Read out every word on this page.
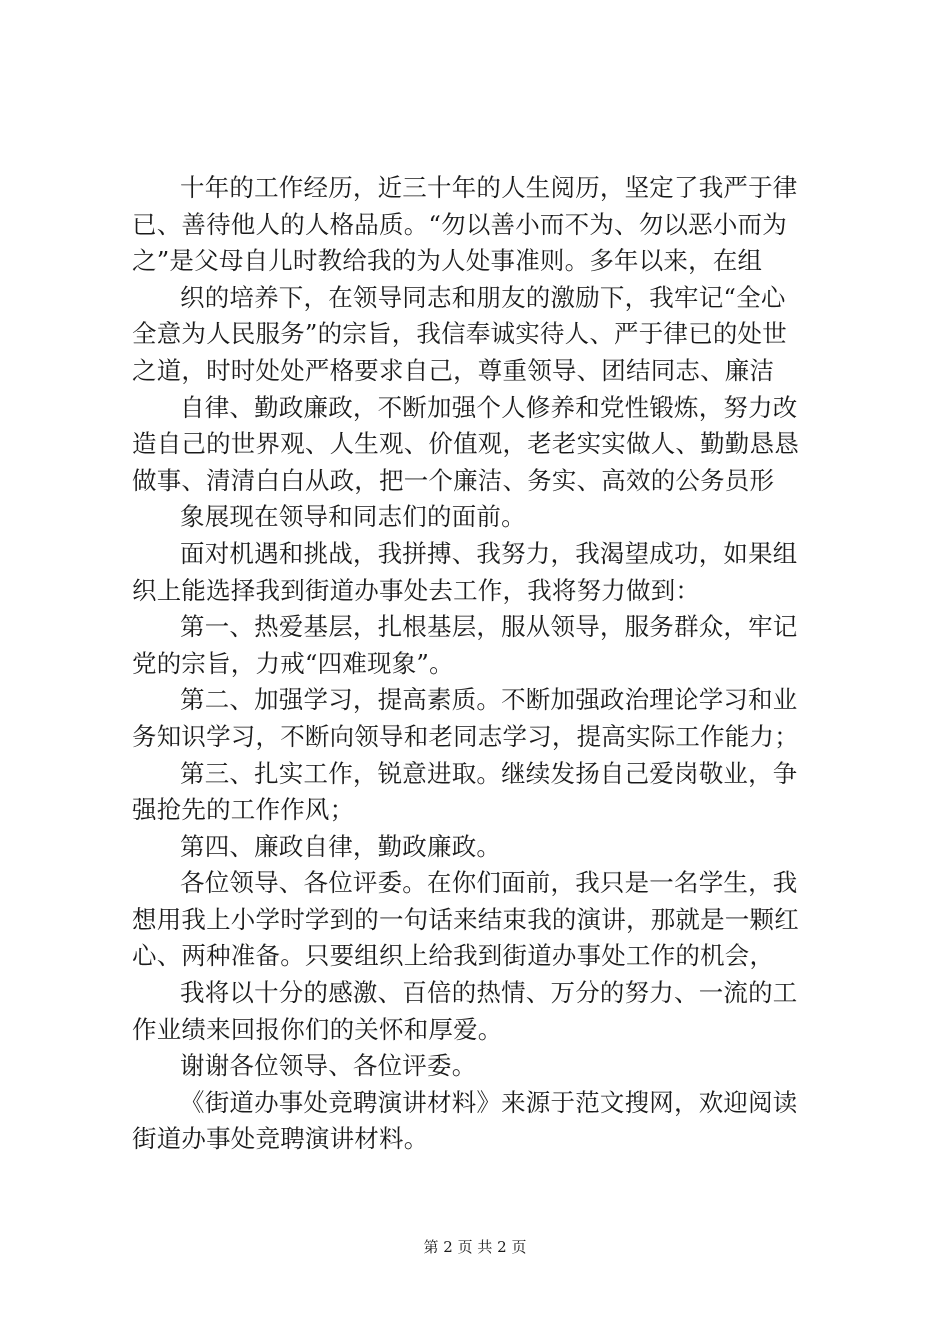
十年的工作经历，近三十年的人生阅历，坚定了我严于律
已、善待他人的人格品质。“勿以善小而不为、勿以恶小而为
之”是父母自儿时教给我的为人处事准则。多年以来，在组
织的培养下，在领导同志和朋友的激励下，我牢记“全心
全意为人民服务”的宗旨，我信奉诚实待人、严于律已的处世
之道，时时处处严格要求自己，尊重领导、团结同志、廉洁
自律、勤政廉政，不断加强个人修养和党性锻炼，努力改
造自己的世界观、人生观、价值观，老老实实做人、勤勤恳恳
做事、清清白白从政，把一个廉洁、务实、高效的公务员形
象展现在领导和同志们的面前。
面对机遇和挑战，我拼搏、我努力，我渴望成功，如果组
织上能选择我到街道办事处去工作，我将努力做到：
第一、热爱基层，扎根基层，服从领导，服务群众，牢记
党的宗旨，力戒“四难现象”。
第二、加强学习，提高素质。不断加强政治理论学习和业
务知识学习，不断向领导和老同志学习，提高实际工作能力；
第三、扎实工作，锐意进取。继续发扬自己爱岗敬业，争
强抢先的工作作风；
第四、廉政自律，勤政廉政。
各位领导、各位评委。在你们面前，我只是一名学生，我
想用我上小学时学到的一句话来结束我的演讲，那就是一颗红
心、两种准备。只要组织上给我到街道办事处工作的机会，
我将以十分的感激、百倍的热情、万分的努力、一流的工
作业绩来回报你们的关怀和厚爱。
谢谢各位领导、各位评委。
《街道办事处竞聘演讲材料》来源于范文搜网，欢迎阅读
街道办事处竞聘演讲材料。
第 2 页 共 2 页
